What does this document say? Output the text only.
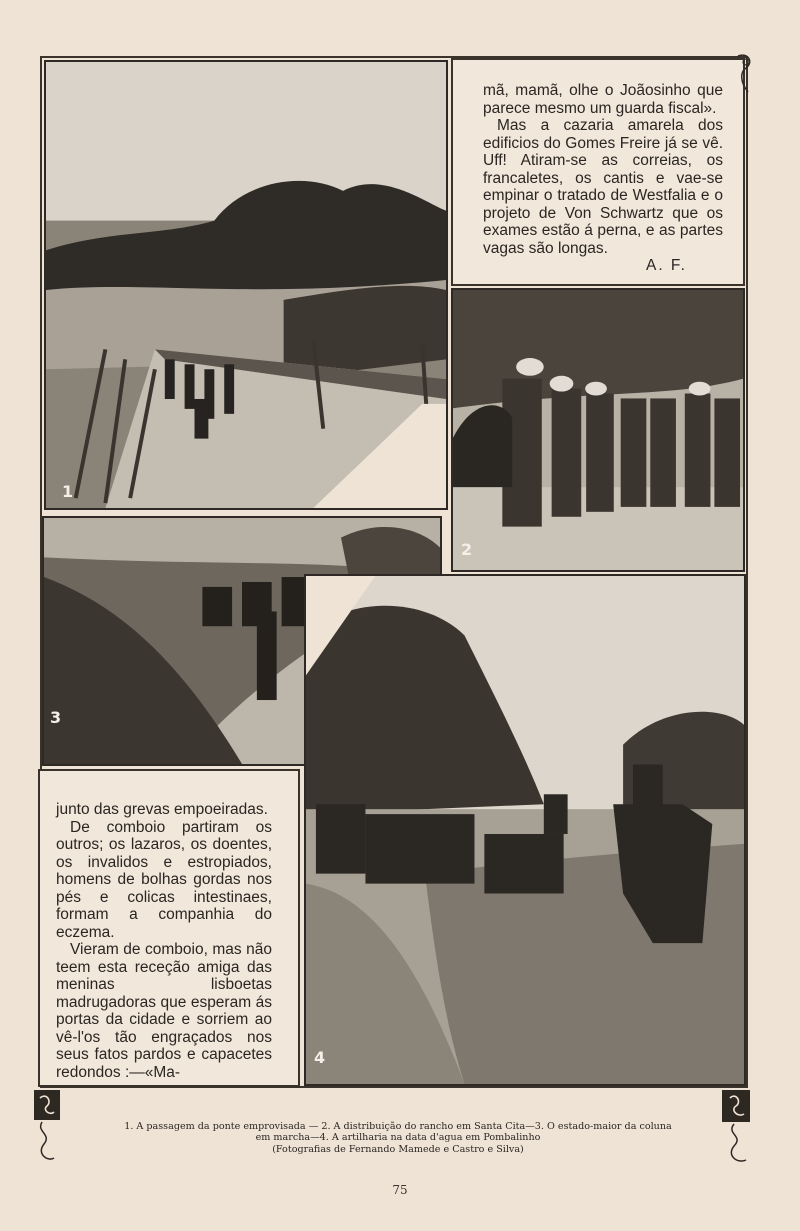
1

mã, mamã, olhe o Joãosinho que parece mesmo um guarda fiscal».

Mas a cazaria amarela dos edificios do Gomes Freire já se vê. Uff! Atiram-se as correias, os francaletes, os cantis e vae-se empinar o tratado de Westfalia e o projeto de Von Schwartz que os exames estão á perna, e as partes vagas são longas.

A. F.

2
3

junto das grevas empoeiradas.

De comboio partiram os outros; os lazaros, os doentes, os invalidos e estropiados, homens de bolhas gordas nos pés e colicas intestinaes, formam a companhia do eczema.

Vieram de comboio, mas não teem esta receção amiga das meninas lisboetas madrugadoras que esperam ás portas da cidade e sorriem ao vê-l'os tão engraçados nos seus fatos pardos e capacetes redondos :—«Ma-

4
1. A passagem da ponte emprovisada — 2. A distribuição do rancho em Santa Cita—3. O estado-maior da coluna
em marcha—4. A artilharia na data d'agua em Pombalinho
(Fotografias de Fernando Mamede e Castro e Silva)
75
